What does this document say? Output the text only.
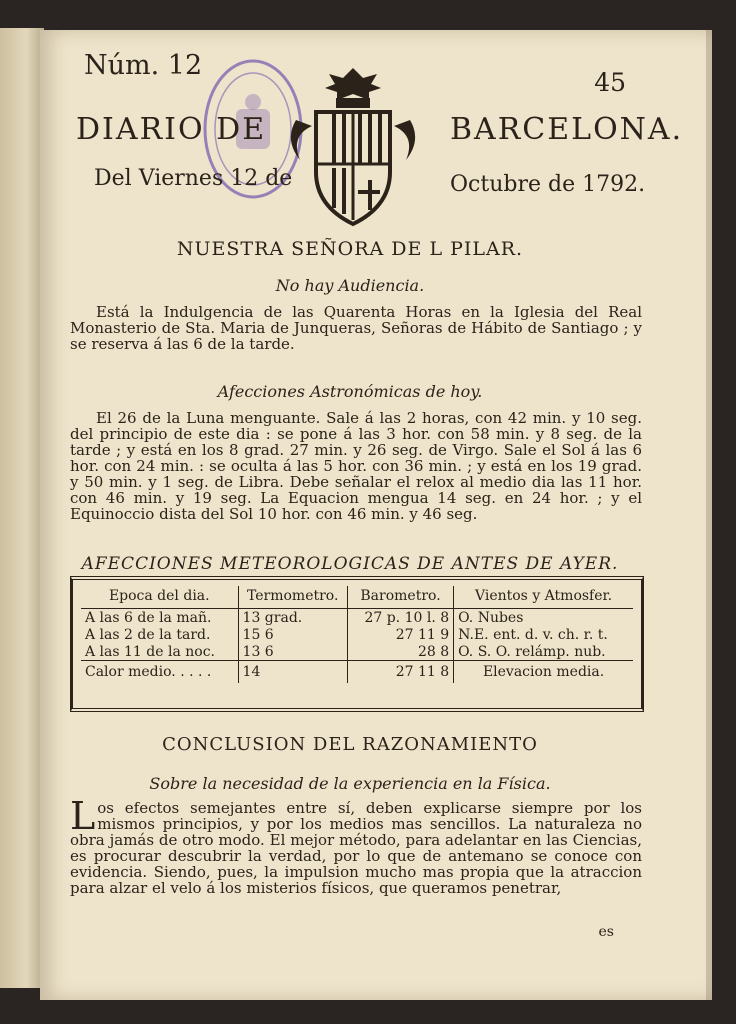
Núm. 12
45
DIARIO DE	BARCELONA.
Del Viernes 12 de	Octubre de 1792.
NUESTRA SEÑORA DE L PILAR.
No hay Audiencia.

Está la Indulgencia de las Quarenta Horas en la Iglesia del Real Monasterio de Sta. Maria de Junqueras, Señoras de Hábito de Santiago ; y se reserva á las 6 de la tarde.

Afecciones Astronómicas de hoy.

El 26 de la Luna menguante. Sale á las 2 horas, con 42 min. y 10 seg. del principio de este dia : se pone á las 3 hor. con 58 min. y 8 seg. de la tarde ; y está en los 8 grad. 27 min. y 26 seg. de Virgo. Sale el Sol á las 6 hor. con 24 min. : se oculta á las 5 hor. con 36 min. ; y está en los 19 grad. y 50 min. y 1 seg. de Libra. Debe señalar el relox al medio dia las 11 hor. con 46 min. y 19 seg. La Equacion mengua 14 seg. en 24 hor. ; y el Equinoccio dista del Sol 10 hor. con 46 min. y 46 seg.

AFECCIONES METEOROLOGICAS DE ANTES DE AYER.
Epoca del dia.	Termometro.	Barometro.	Vientos y Atmosfer.
A las 6 de la mañ.	13 grad.	27 p. 10 l. 8	O. Nubes
A las 2 de la tard.	15 6	27 11 9	N.E. ent. d. v. ch. r. t.
A las 11 de la noc.	13 6	28 8	O. S. O. relámp. nub.
Calor medio. . . . .	14	27 11 8	Elevacion media.
CONCLUSION DEL RAZONAMIENTO
Sobre la necesidad de la experiencia en la Física.
L os efectos semejantes entre sí, deben explicarse siempre por los mismos principios, y por los medios mas sencillos. La naturaleza no obra jamás de otro modo. El mejor método, para adelantar en las Ciencias, es procurar descubrir la verdad, por lo que de antemano se conoce con evidencia. Siendo, pues, la impulsion mucho mas propia que la atraccion para alzar el velo á los misterios físicos, que queramos penetrar,
es
